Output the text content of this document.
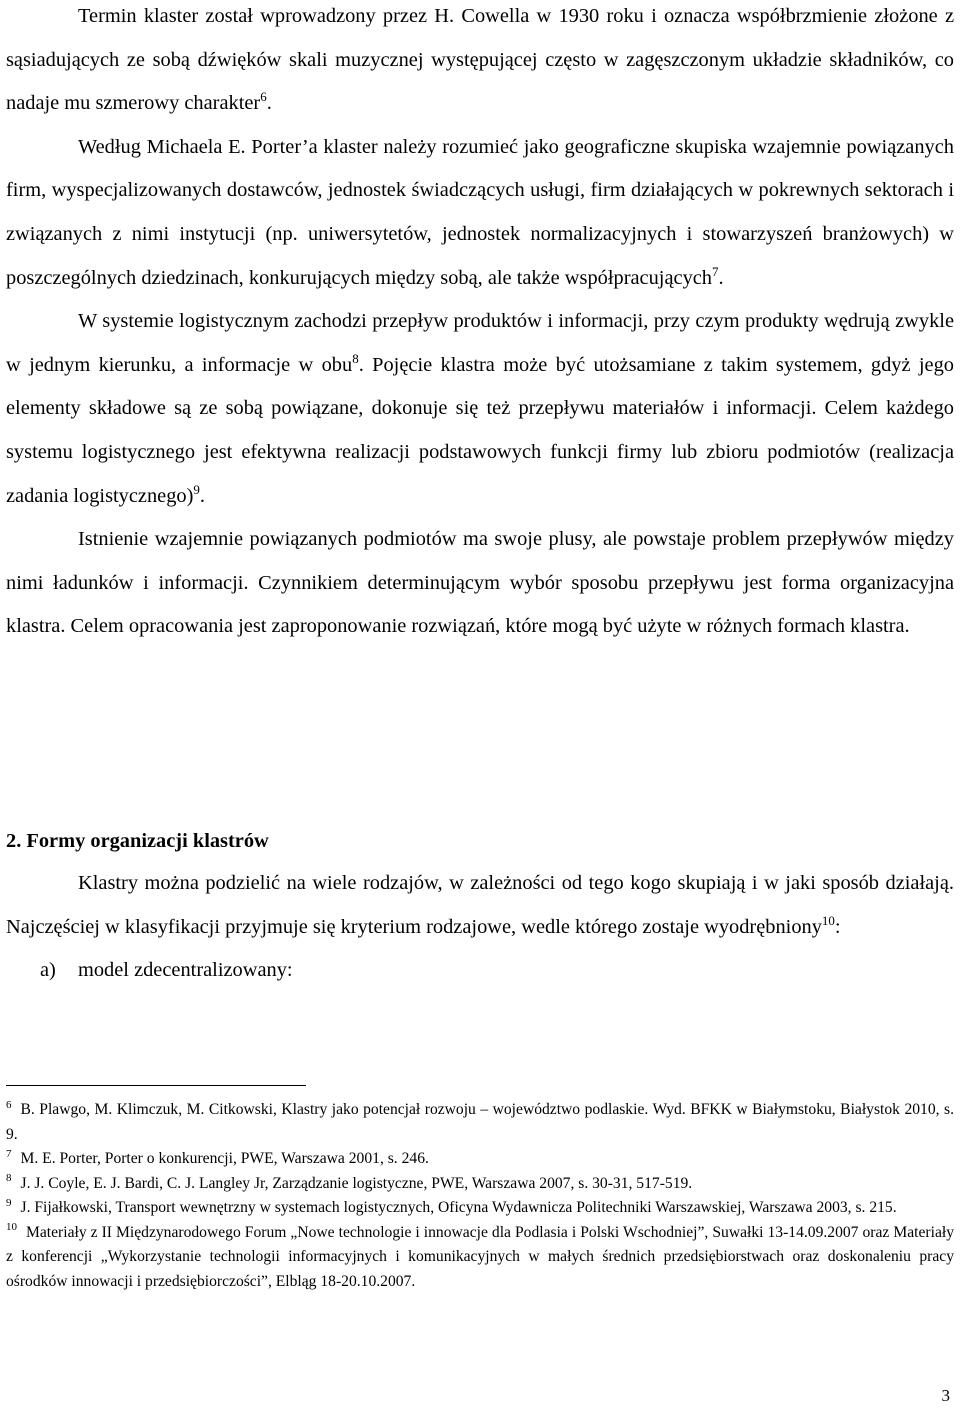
Termin klaster został wprowadzony przez H. Cowella w 1930 roku i oznacza współbrzmienie złożone z sąsiadujących ze sobą dźwięków skali muzycznej występującej często w zagęszczonym układzie składników, co nadaje mu szmerowy charakter$^6$.

Według Michaela E. Porter’a klaster należy rozumieć jako geograficzne skupiska wzajemnie powiązanych firm, wyspecjalizowanych dostawców, jednostek świadczących usługi, firm działających w pokrewnych sektorach i związanych z nimi instytucji (np. uniwersytetów, jednostek normalizacyjnych i stowarzyszeń branżowych) w poszczególnych dziedzinach, konkurujących między sobą, ale także współpracujących$^7$.

W systemie logistycznym zachodzi przepływ produktów i informacji, przy czym produkty wędrują zwykle w jednym kierunku, a informacje w obu$^8$. Pojęcie klastra może być utożsamiane z takim systemem, gdyż jego elementy składowe są ze sobą powiązane, dokonuje się też przepływu materiałów i informacji. Celem każdego systemu logistycznego jest efektywna realizacji podstawowych funkcji firmy lub zbioru podmiotów (realizacja zadania logistycznego)$^9$.

Istnienie wzajemnie powiązanych podmiotów ma swoje plusy, ale powstaje problem przepływów między nimi ładunków i informacji. Czynnikiem determinującym wybór sposobu przepływu jest forma organizacyjna klastra. Celem opracowania jest zaproponowanie rozwiązań, które mogą być użyte w różnych formach klastra.

2. Formy organizacji klastrów

Klastry można podzielić na wiele rodzajów, w zależności od tego kogo skupiają i w jaki sposób działają. Najczęściej w klasyfikacji przyjmuje się kryterium rodzajowe, wedle którego zostaje wyodrębniony$^{10}$:

a) model zdecentralizowany:

$^6$ B. Plawgo, M. Klimczuk, M. Citkowski, Klastry jako potencjał rozwoju – województwo podlaskie. Wyd. BFKK w Białymstoku, Białystok 2010, s. 9.

$^7$ M. E. Porter, Porter o konkurencji, PWE, Warszawa 2001, s. 246.

$^8$ J. J. Coyle, E. J. Bardi, C. J. Langley Jr, Zarządzanie logistyczne, PWE, Warszawa 2007, s. 30-31, 517-519.

$^9$ J. Fijałkowski, Transport wewnętrzny w systemach logistycznych, Oficyna Wydawnicza Politechniki Warszawskiej, Warszawa 2003, s. 215.

$^{10}$ Materiały z II Międzynarodowego Forum „Nowe technologie i innowacje dla Podlasia i Polski Wschodniej”, Suwałki 13-14.09.2007 oraz Materiały z konferencji „Wykorzystanie technologii informacyjnych i komunikacyjnych w małych średnich przedsiębiorstwach oraz doskonaleniu pracy ośrodków innowacji i przedsiębiorczości”, Elbląg 18-20.10.2007.

3
